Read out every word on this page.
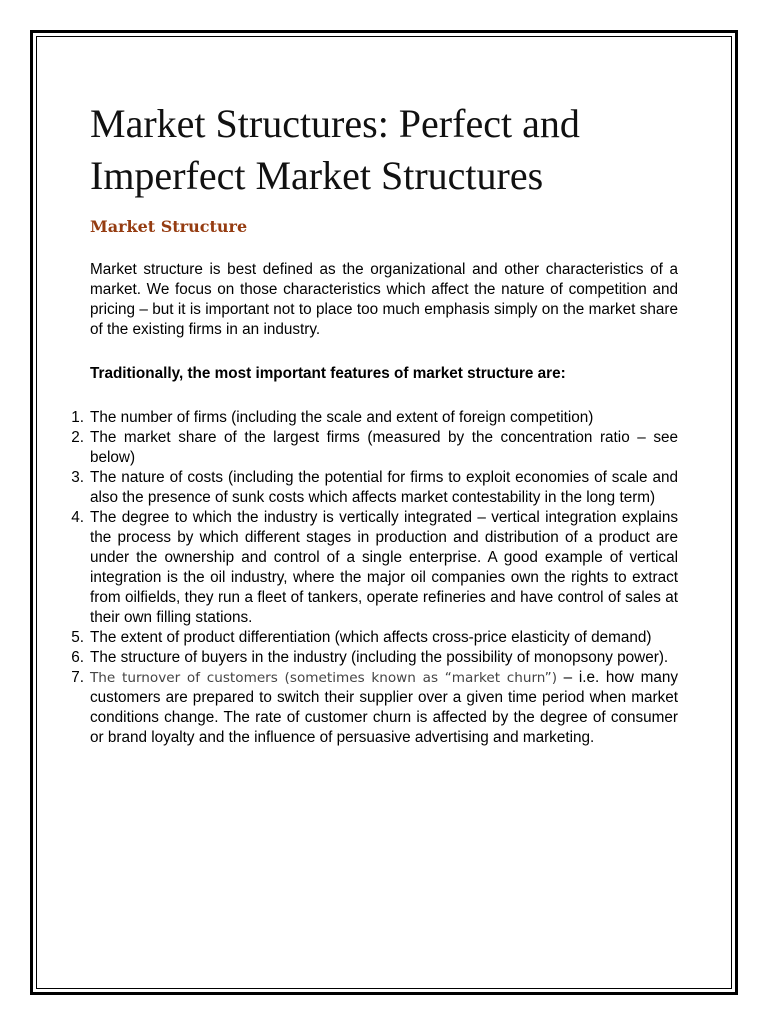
Market Structures: Perfect and Imperfect Market Structures
Market Structure

Market structure is best defined as the organizational and other characteristics of a market. We focus on those characteristics which affect the nature of competition and pricing – but it is important not to place too much emphasis simply on the market share of the existing firms in an industry.

Traditionally, the most important features of market structure are:

1. The number of firms (including the scale and extent of foreign competition)
2. The market share of the largest firms (measured by the concentration ratio – see below)
3. The nature of costs (including the potential for firms to exploit economies of scale and also the presence of sunk costs which affects market contestability in the long term)
4. The degree to which the industry is vertically integrated – vertical integration explains the process by which different stages in production and distribution of a product are under the ownership and control of a single enterprise. A good example of vertical integration is the oil industry, where the major oil companies own the rights to extract from oilfields, they run a fleet of tankers, operate refineries and have control of sales at their own filling stations.
5. The extent of product differentiation (which affects cross-price elasticity of demand)
6. The structure of buyers in the industry (including the possibility of monopsony power).
7. The turnover of customers (sometimes known as “market churn”) – i.e. how many customers are prepared to switch their supplier over a given time period when market conditions change. The rate of customer churn is affected by the degree of consumer or brand loyalty and the influence of persuasive advertising and marketing.
